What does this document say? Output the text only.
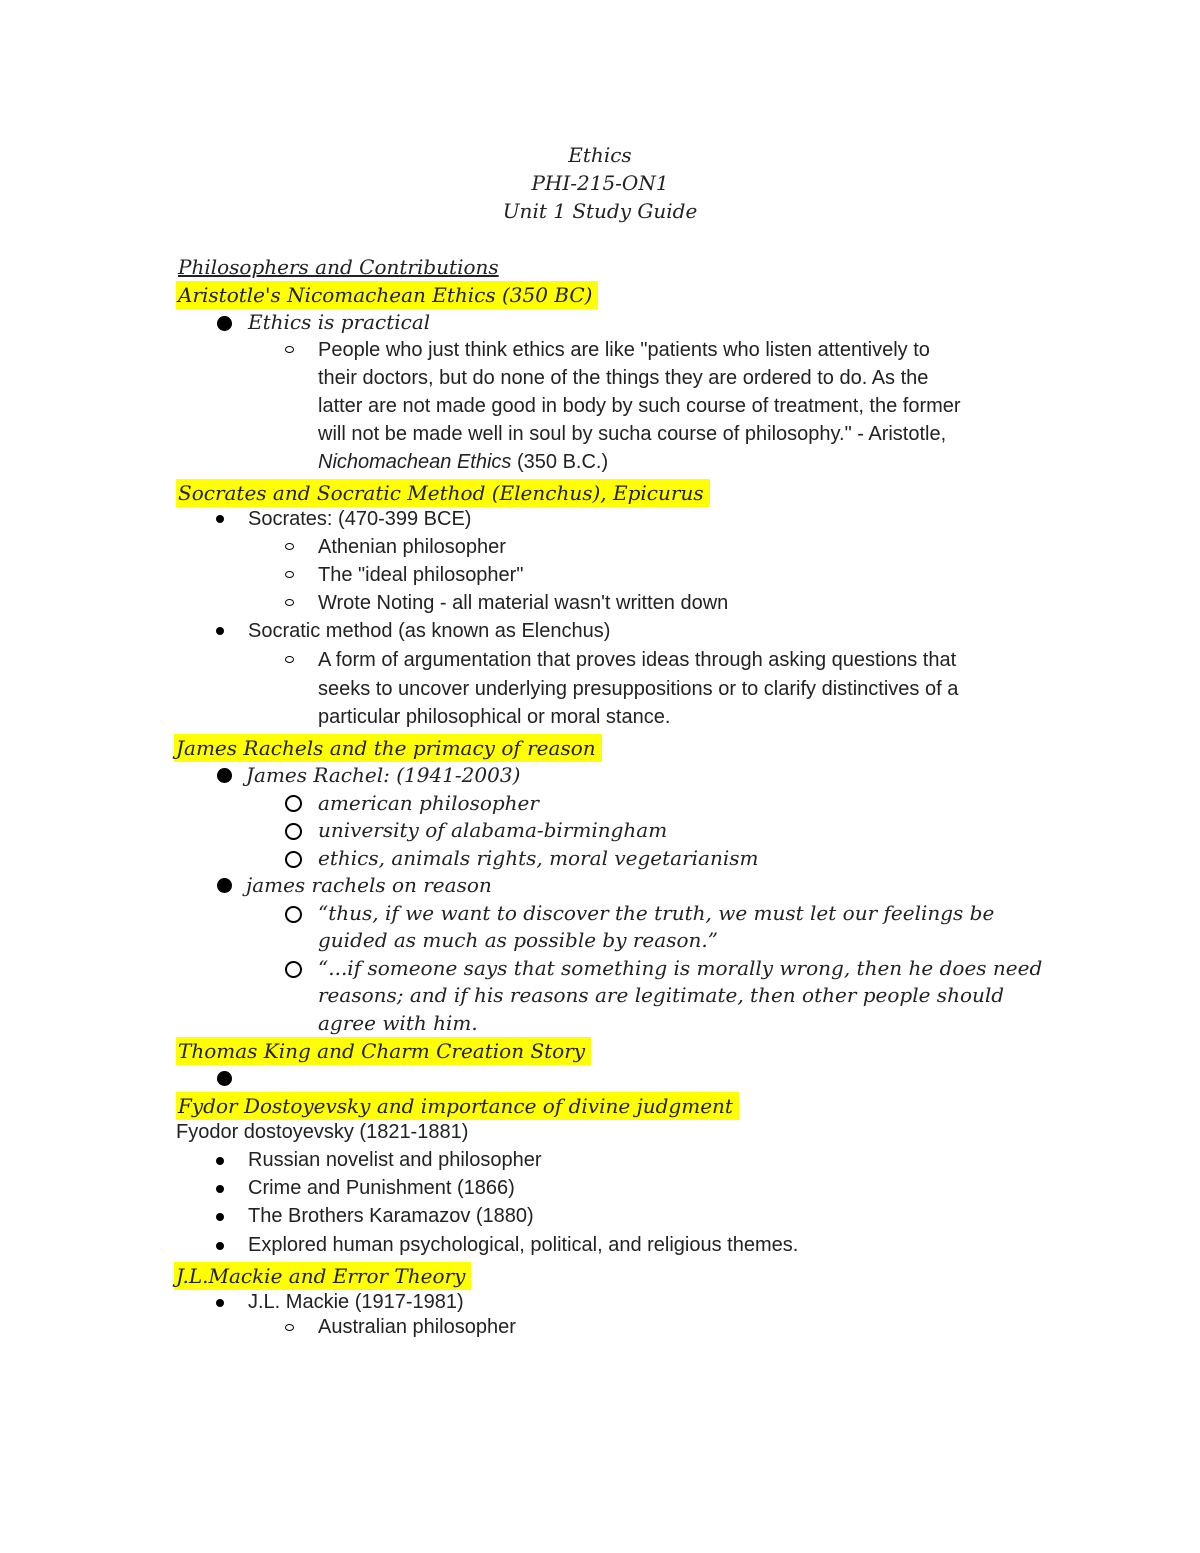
Ethics
PHI-215-ON1
Unit 1 Study Guide
Philosophers and Contributions
Aristotle's Nicomachean Ethics (350 BC)
Ethics is practical
People who just think ethics are like "patients who listen attentively to
their doctors, but do none of the things they are ordered to do. As the
latter are not made good in body by such course of treatment, the former
will not be made well in soul by sucha course of philosophy." - Aristotle,
Nichomachean Ethics (350 B.C.)
Socrates and Socratic Method (Elenchus), Epicurus
Socrates: (470-399 BCE)
Athenian philosopher
The "ideal philosopher"
Wrote Noting - all material wasn't written down
Socratic method (as known as Elenchus)
A form of argumentation that proves ideas through asking questions that
seeks to uncover underlying presuppositions or to clarify distinctives of a
particular philosophical or moral stance.
James Rachels and the primacy of reason
James Rachel: (1941-2003)
american philosopher
university of alabama-birmingham
ethics, animals rights, moral vegetarianism
james rachels on reason
“thus, if we want to discover the truth, we must let our feelings be
guided as much as possible by reason.”
“...if someone says that something is morally wrong, then he does need
reasons; and if his reasons are legitimate, then other people should
agree with him.
Thomas King and Charm Creation Story
Fydor Dostoyevsky and importance of divine judgment
Fyodor dostoyevsky (1821-1881)
Russian novelist and philosopher
Crime and Punishment (1866)
The Brothers Karamazov (1880)
Explored human psychological, political, and religious themes.
J.L.Mackie and Error Theory
J.L. Mackie (1917-1981)
Australian philosopher
